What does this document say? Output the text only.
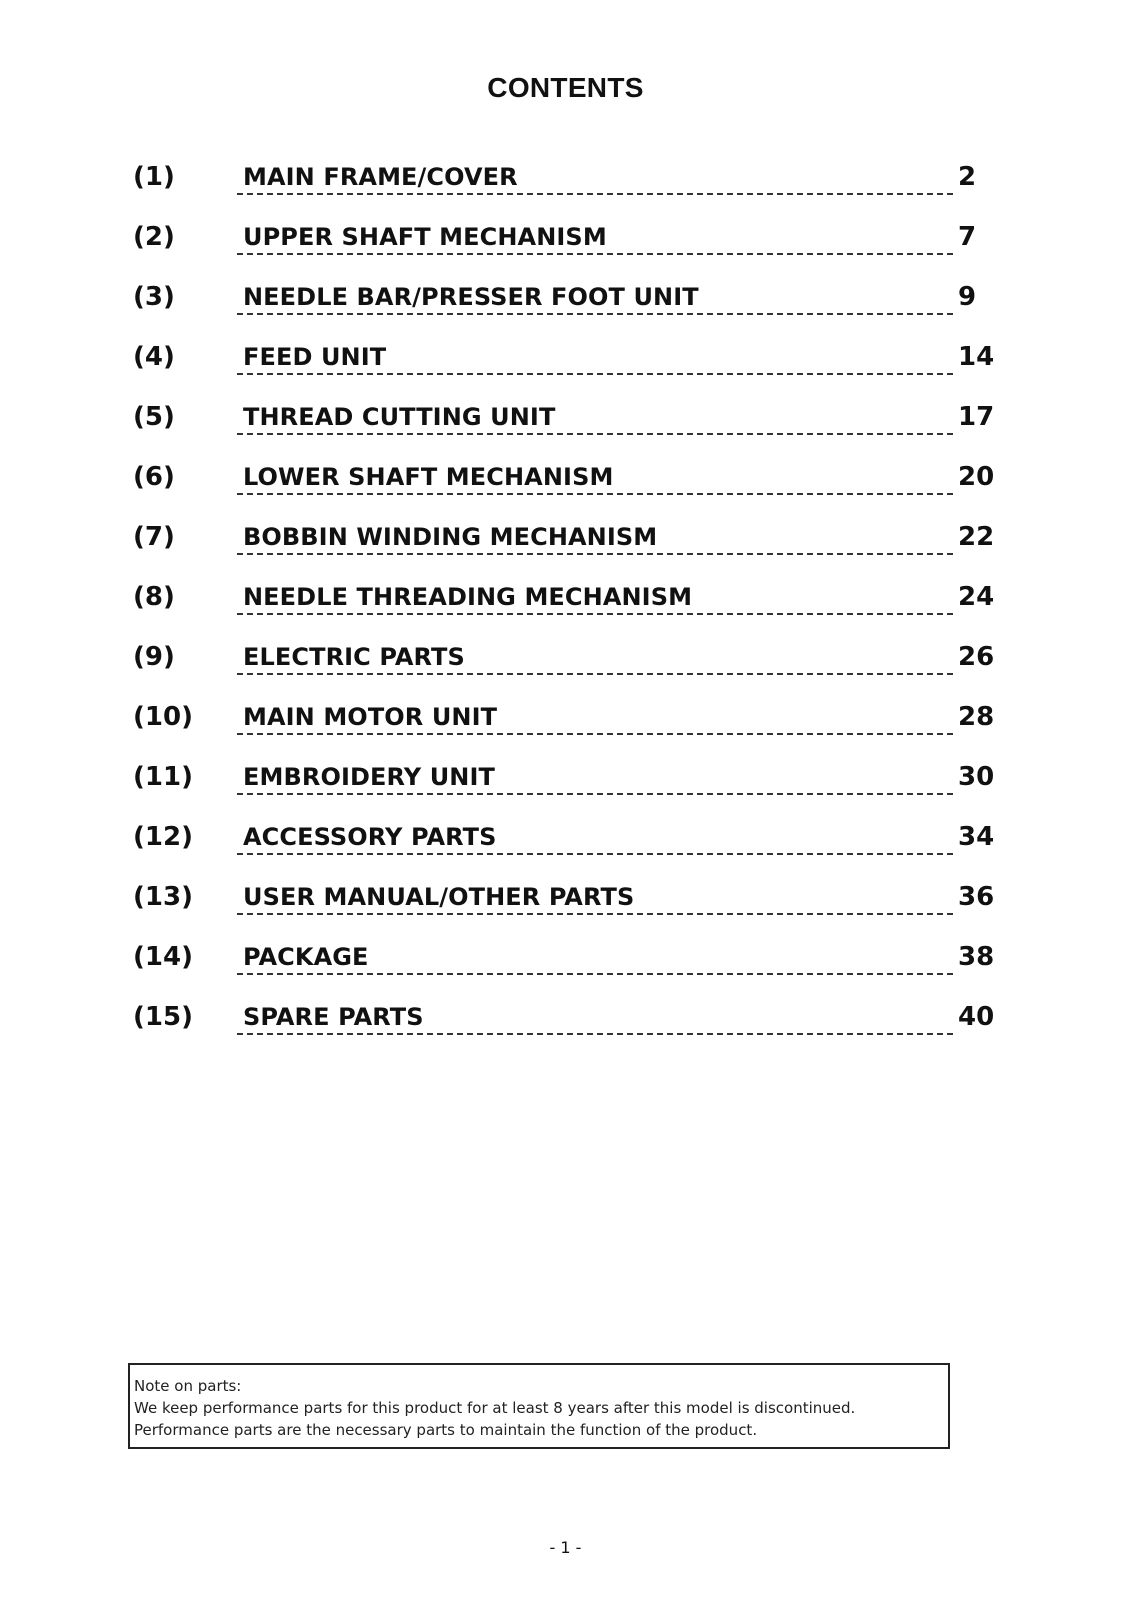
CONTENTS
(1)	MAIN FRAME/COVER	2
(2)	UPPER SHAFT MECHANISM	7
(3)	NEEDLE BAR/PRESSER FOOT UNIT	9
(4)	FEED UNIT	14
(5)	THREAD CUTTING UNIT	17
(6)	LOWER SHAFT MECHANISM	20
(7)	BOBBIN WINDING MECHANISM	22
(8)	NEEDLE THREADING MECHANISM	24
(9)	ELECTRIC PARTS	26
(10) MAIN MOTOR UNIT	28
(11) EMBROIDERY UNIT	30
(12) ACCESSORY PARTS	34
(13) USER MANUAL/OTHER PARTS	36
(14) PACKAGE	38
(15) SPARE PARTS	40
Note on parts:
We keep performance parts for this product for at least 8 years after this model is discontinued.
Performance parts are the necessary parts to maintain the function of the product.
- 1 -
